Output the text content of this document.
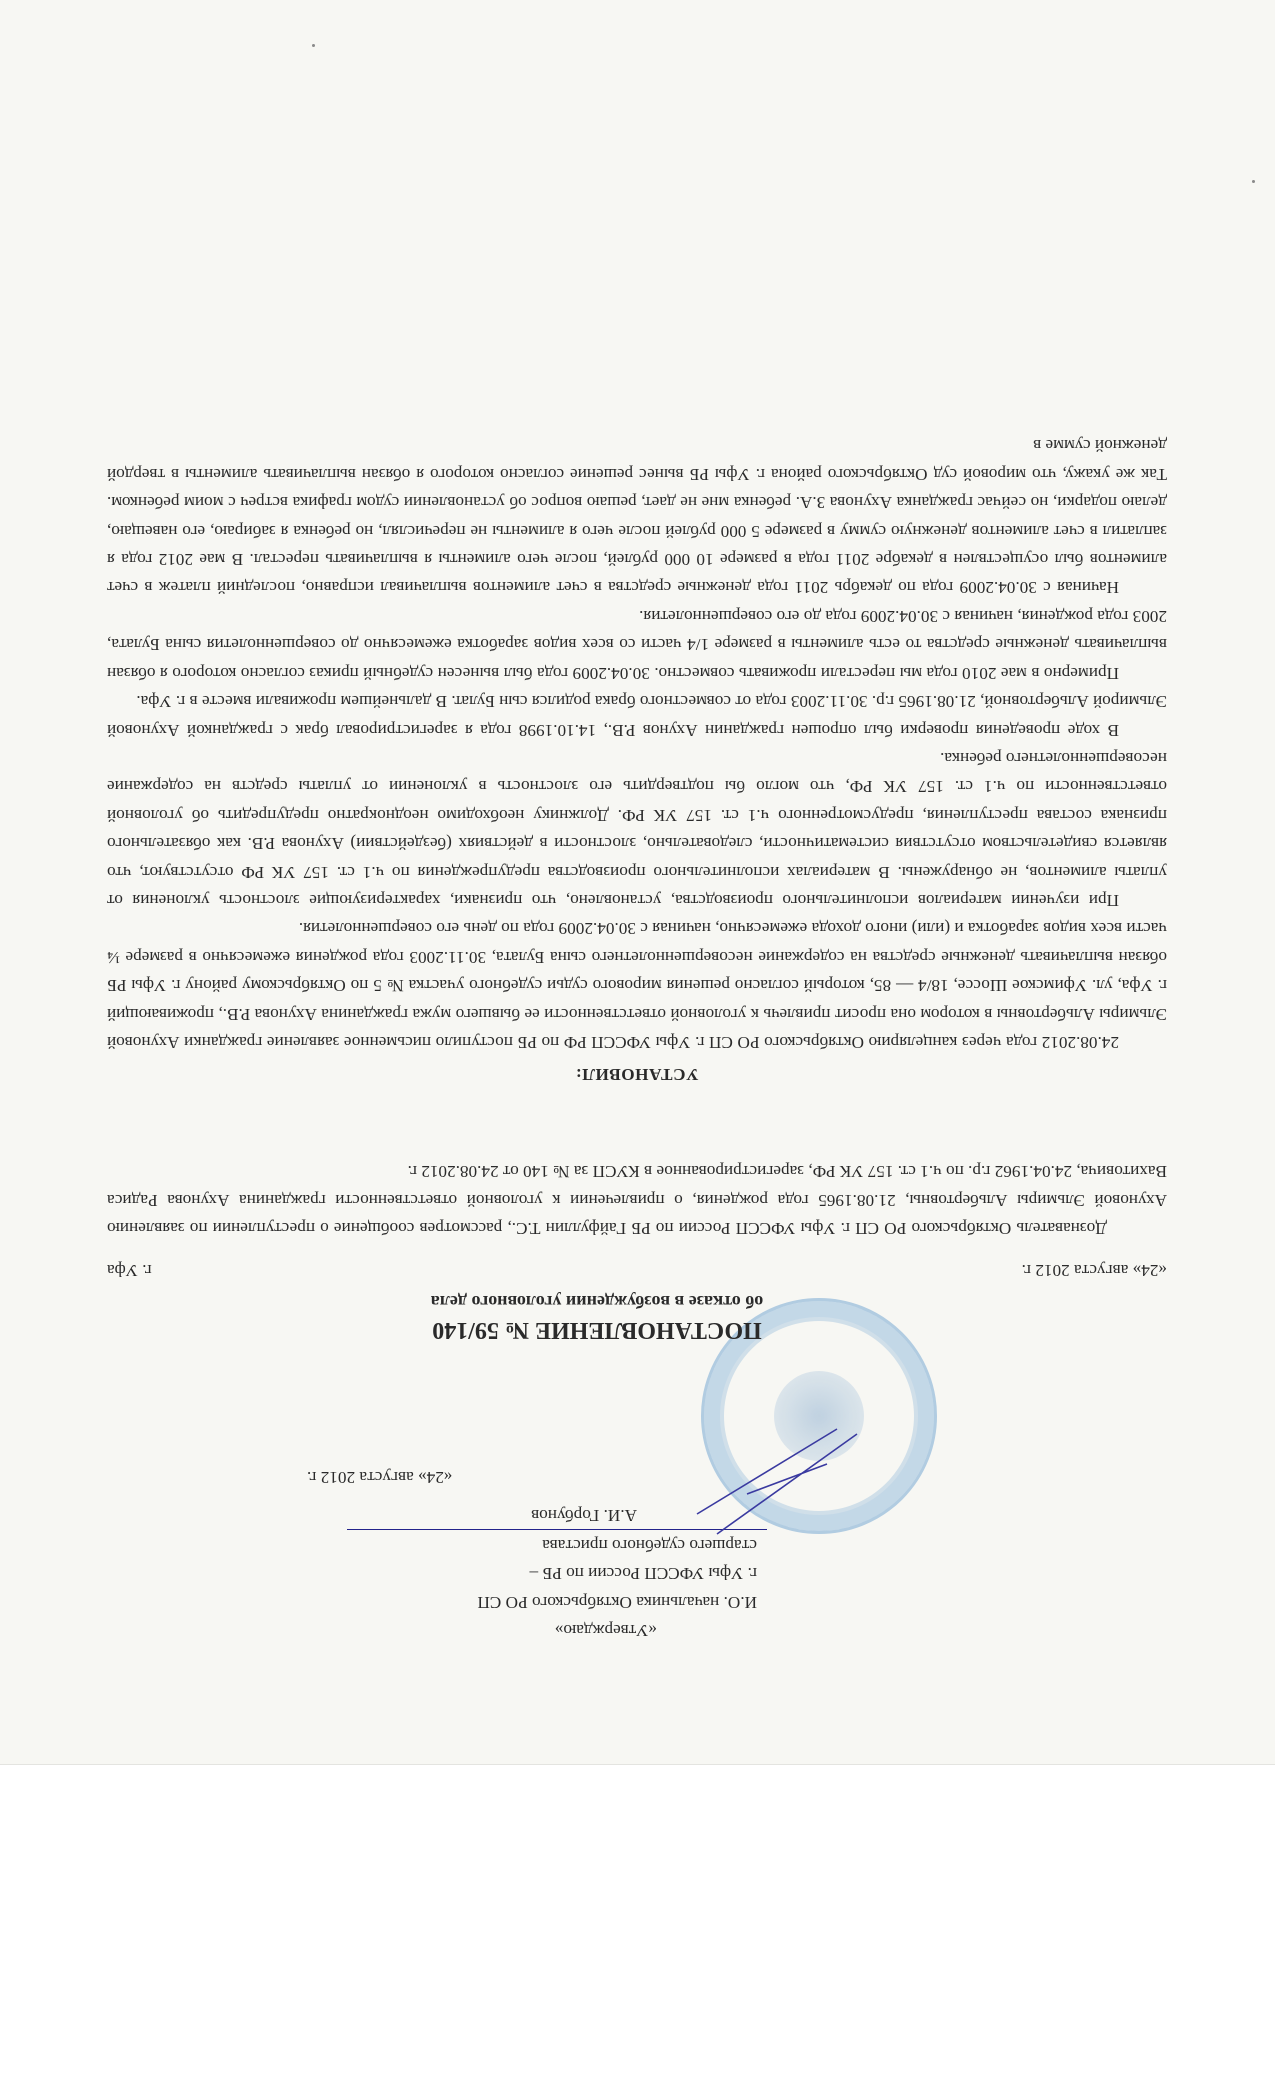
«Утверждаю»
И.О. начальника Октябрьского РО СП
г. Уфы УФССП России по РБ –
старшего судебного пристава
А.И. Горбунов
«24» августа 2012 г.
ПОСТАНОВЛЕНИЕ № 59/140
об отказе в возбуждении уголовного дела
«24» августа 2012 г.
г. Уфа
Дознаватель Октябрьского РО СП г. Уфы УФССП России по РБ Гайфуллин Т.С., рассмотрев сообщение о преступлении по заявлению Ахуновой Эльмиры Альбертовны, 21.08.1965 года рождения, о привлечении к уголовной ответственности гражданина Ахунова Радиса Вахитовича, 24.04.1962 г.р. по ч.1 ст. 157 УК РФ, зарегистрированное в КУСП за № 140 от 24.08.2012 г.
УСТАНОВИЛ:

24.08.2012 года через канцелярию Октябрьского РО СП г. Уфы УФССП РФ по РБ поступило письменное заявление гражданки Ахуновой Эльмиры Альбертовны в котором она просит привлечь к уголовной ответственности ее бывшего мужа гражданина Ахунова Р.В., проживающий г. Уфа, ул. Уфимское Шоссе, 18/4 — 85, который согласно решения мирового судьи судебного участка № 5 по Октябрьскому району г. Уфы РБ обязан выплачивать денежные средства на содержание несовершеннолетнего сына Булата, 30.11.2003 года рождения ежемесячно в размере ¼ части всех видов заработка и (или) иного дохода ежемесячно, начиная с 30.04.2009 года по день его совершеннолетия.

При изучении материалов исполнительного производства, установлено, что признаки, характеризующие злостность уклонения от уплаты алиментов, не обнаружены. В материалах исполнительного производства предупреждения по ч.1 ст. 157 УК РФ отсутствуют, что является свидетельством отсутствия систематичности, следовательно, злостности в действиях (бездействии) Ахунова Р.В. как обязательного признака состава преступления, предусмотренного ч.1 ст. 157 УК РФ. Должнику необходимо неоднократно предупредить об уголовной ответственности по ч.1 ст. 157 УК РФ, что могло бы подтвердить его злостность в уклонении от уплаты средств на содержание несовершеннолетнего ребенка.

В ходе проведения проверки был опрошен гражданин Ахунов Р.В., 14.10.1998 года я зарегистрировал брак с гражданкой Ахуновой Эльмирой Альбертовной, 21.08.1965 г.р. 30.11.2003 года от совместного брака родился сын Булат. В дальнейшем проживали вместе в г. Уфа.

Примерно в мае 2010 года мы перестали проживать совместно. 30.04.2009 года был вынесен судебный приказ согласно которого я обязан выплачивать денежные средства то есть алименты в размере 1/4 части со всех видов заработка ежемесячно до совершеннолетия сына Булата, 2003 года рождения, начиная с 30.04.2009 года до его совершеннолетия.

Начиная с 30.04.2009 года по декабрь 2011 года денежные средства в счет алиментов выплачивал исправно, последний платеж в счет алиментов был осуществлен в декабре 2011 года в размере 10 000 рублей, после чего алименты я выплачивать перестал. В мае 2012 года я заплатил в счет алиментов денежную сумму в размере 5 000 рублей после чего я алименты не перечислял, но ребенка я забираю, его навещаю, делаю подарки, но сейчас гражданка Ахунова З.А. ребенка мне не дает, решаю вопрос об установлении судом графика встреч с моим ребенком. Так же укажу, что мировой суд Октябрьского района г. Уфы РБ вынес решение согласно которого я обязан выплачивать алименты в твердой денежной сумме в
